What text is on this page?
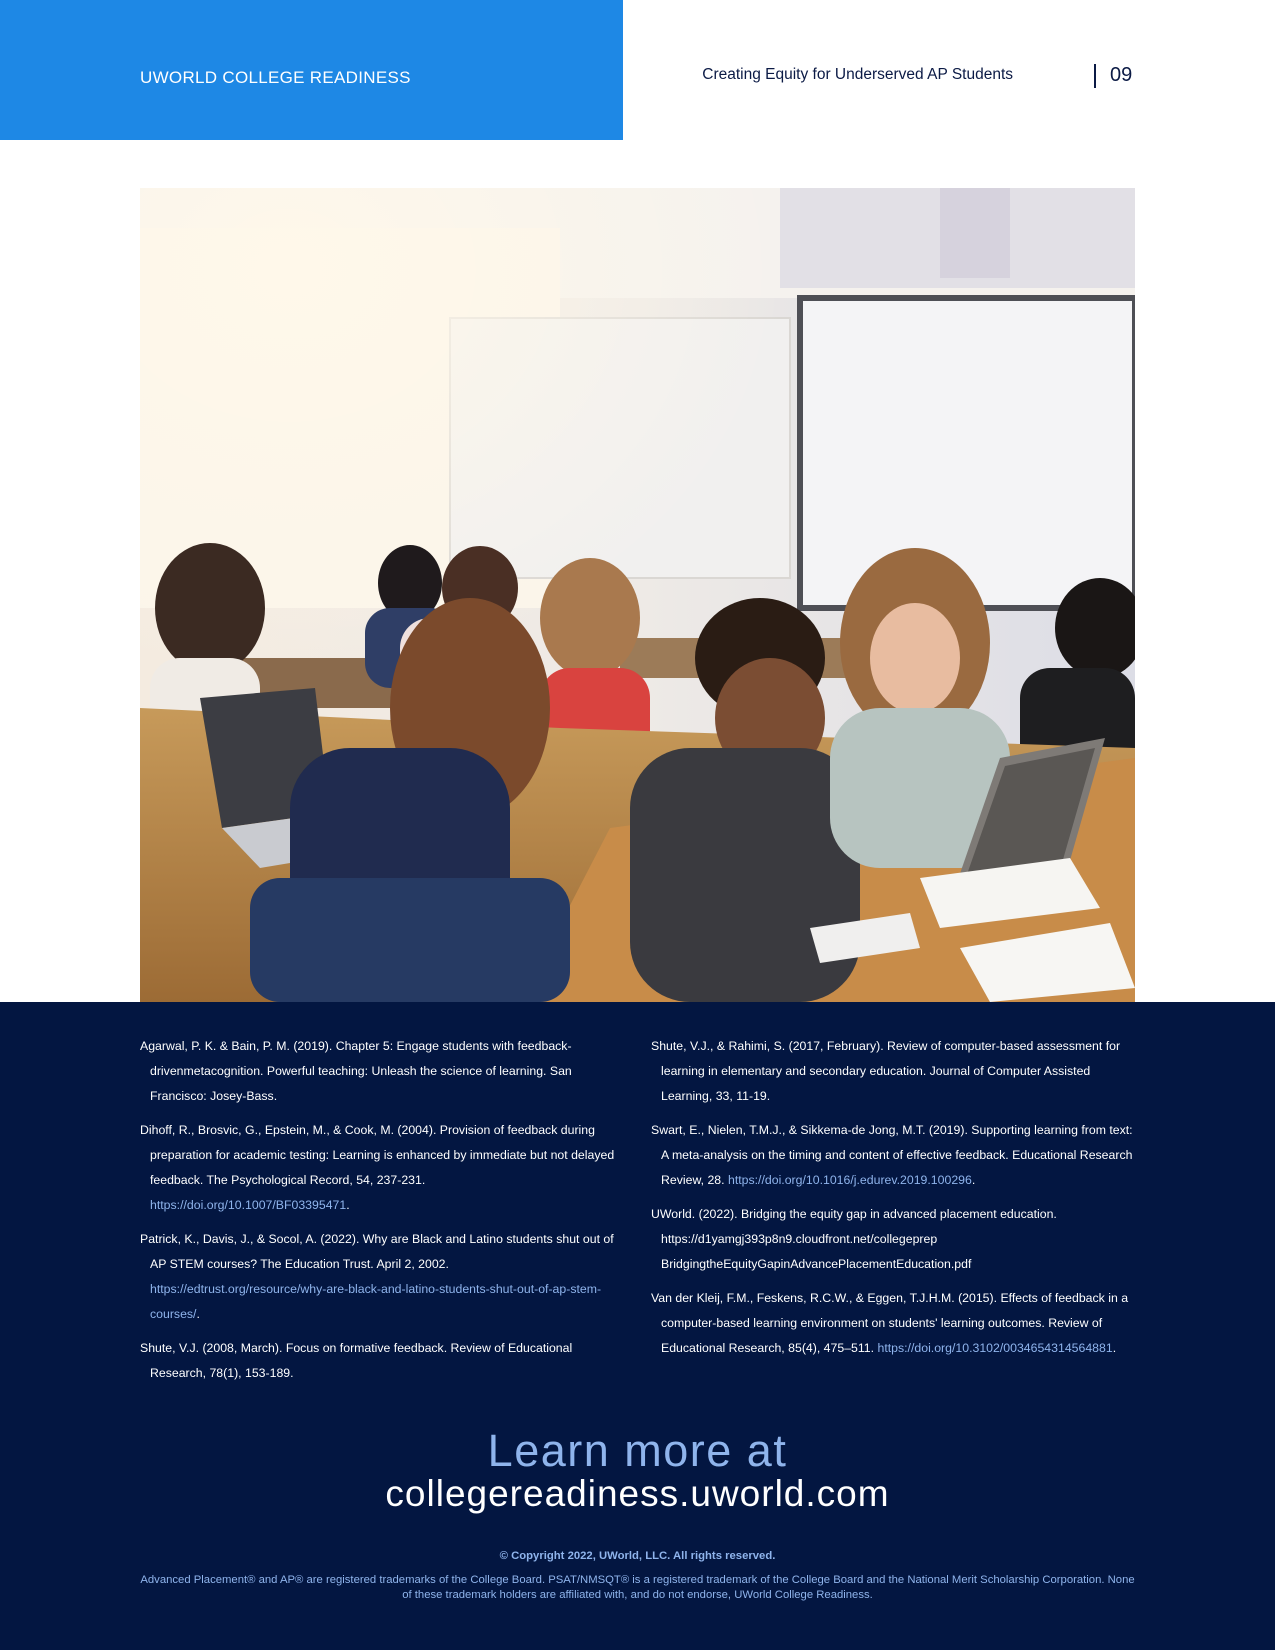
UWORLD COLLEGE READINESS	Creating Equity for Underserved AP Students	09

Agarwal, P. K. & Bain, P. M. (2019). Chapter 5: Engage students with feedback-drivenmetacognition. Powerful teaching: Unleash the science of learning. San Francisco: Josey-Bass.

Dihoff, R., Brosvic, G., Epstein, M., & Cook, M. (2004). Provision of feedback during preparation for academic testing: Learning is enhanced by immediate but not delayed feedback. The Psychological Record, 54, 237-231. https://doi.org/10.1007/BF03395471.

Patrick, K., Davis, J., & Socol, A. (2022). Why are Black and Latino students shut out of AP STEM courses? The Education Trust. April 2, 2002. https://edtrust.org/resource/why-are-black-and-latino-students-shut-out-of-ap-stem-courses/.

Shute, V.J. (2008, March). Focus on formative feedback. Review of Educational Research, 78(1), 153-189.

Shute, V.J., & Rahimi, S. (2017, February). Review of computer-based assessment for learning in elementary and secondary education. Journal of Computer Assisted Learning, 33, 11-19.

Swart, E., Nielen, T.M.J., & Sikkema-de Jong, M.T. (2019). Supporting learning from text: A meta-analysis on the timing and content of effective feedback. Educational Research Review, 28. https://doi.org/10.1016/j.edurev.2019.100296.

UWorld. (2022). Bridging the equity gap in advanced placement education. https://d1yamgj393p8n9.cloudfront.net/collegeprep BridgingtheEquityGapinAdvancePlacementEducation.pdf

Van der Kleij, F.M., Feskens, R.C.W., & Eggen, T.J.H.M. (2015). Effects of feedback in a computer-based learning environment on students' learning outcomes. Review of Educational Research, 85(4), 475–511. https://doi.org/10.3102/0034654314564881.

Learn more at
collegereadiness.uworld.com
© Copyright 2022, UWorld, LLC. All rights reserved.
Advanced Placement® and AP® are registered trademarks of the College Board. PSAT/NMSQT® is a registered trademark of the College Board and the National Merit Scholarship Corporation. None of these trademark holders are affiliated with, and do not endorse, UWorld College Readiness.
